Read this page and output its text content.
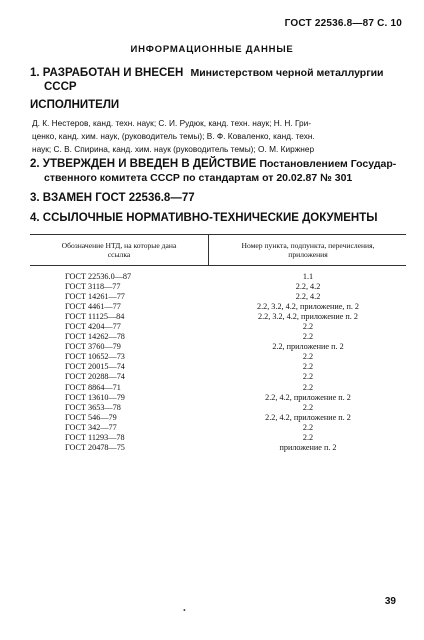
ГОСТ 22536.8—87 С. 10
ИНФОРМАЦИОННЫЕ ДАННЫЕ
1. РАЗРАБОТАН И ВНЕСЕН Министерством черной металлургии
СССР
ИСПОЛНИТЕЛИ
Д. К. Нестеров, канд. техн. наук; С. И. Рудюк, канд. техн. наук; Н. Н. Гри-
ценко, канд. хим. наук, (руководитель темы); В. Ф. Коваленко, канд. техн.
наук; С. В. Спирина, канд. хим. наук (руководитель темы); О. М. Киржнер
2. УТВЕРЖДЕН И ВВЕДЕН В ДЕЙСТВИЕ Постановлением Государ-
ственного комитета СССР по стандартам от 20.02.87 № 301
3. ВЗАМЕН ГОСТ 22536.8—77
4. ССЫЛОЧНЫЕ НОРМАТИВНО-ТЕХНИЧЕСКИЕ ДОКУМЕНТЫ
Обозначение НТД, на которые дана
ссылка
Номер пункта, подпункта, перечисления,
приложения
ГОСТ 22536.0—87	1.1
ГОСТ 3118—77	2.2, 4.2
ГОСТ 14261—77	2.2, 4.2
ГОСТ 4461—77	2.2, 3.2, 4.2, приложение, п. 2
ГОСТ 11125—84	2.2, 3.2, 4.2, приложение п. 2
ГОСТ 4204—77	2.2
ГОСТ 14262—78	2.2
ГОСТ 3760—79	2.2, приложение п. 2
ГОСТ 10652—73	2.2
ГОСТ 20015—74	2.2
ГОСТ 20288—74	2.2
ГОСТ 8864—71	2.2
ГОСТ 13610—79	2.2, 4.2, приложение п. 2
ГОСТ 3653—78	2.2
ГОСТ 546—79	2.2, 4.2, приложение п. 2
ГОСТ 342—77	2.2
ГОСТ 11293—78	2.2
ГОСТ 20478—75	приложение п. 2
•
39
